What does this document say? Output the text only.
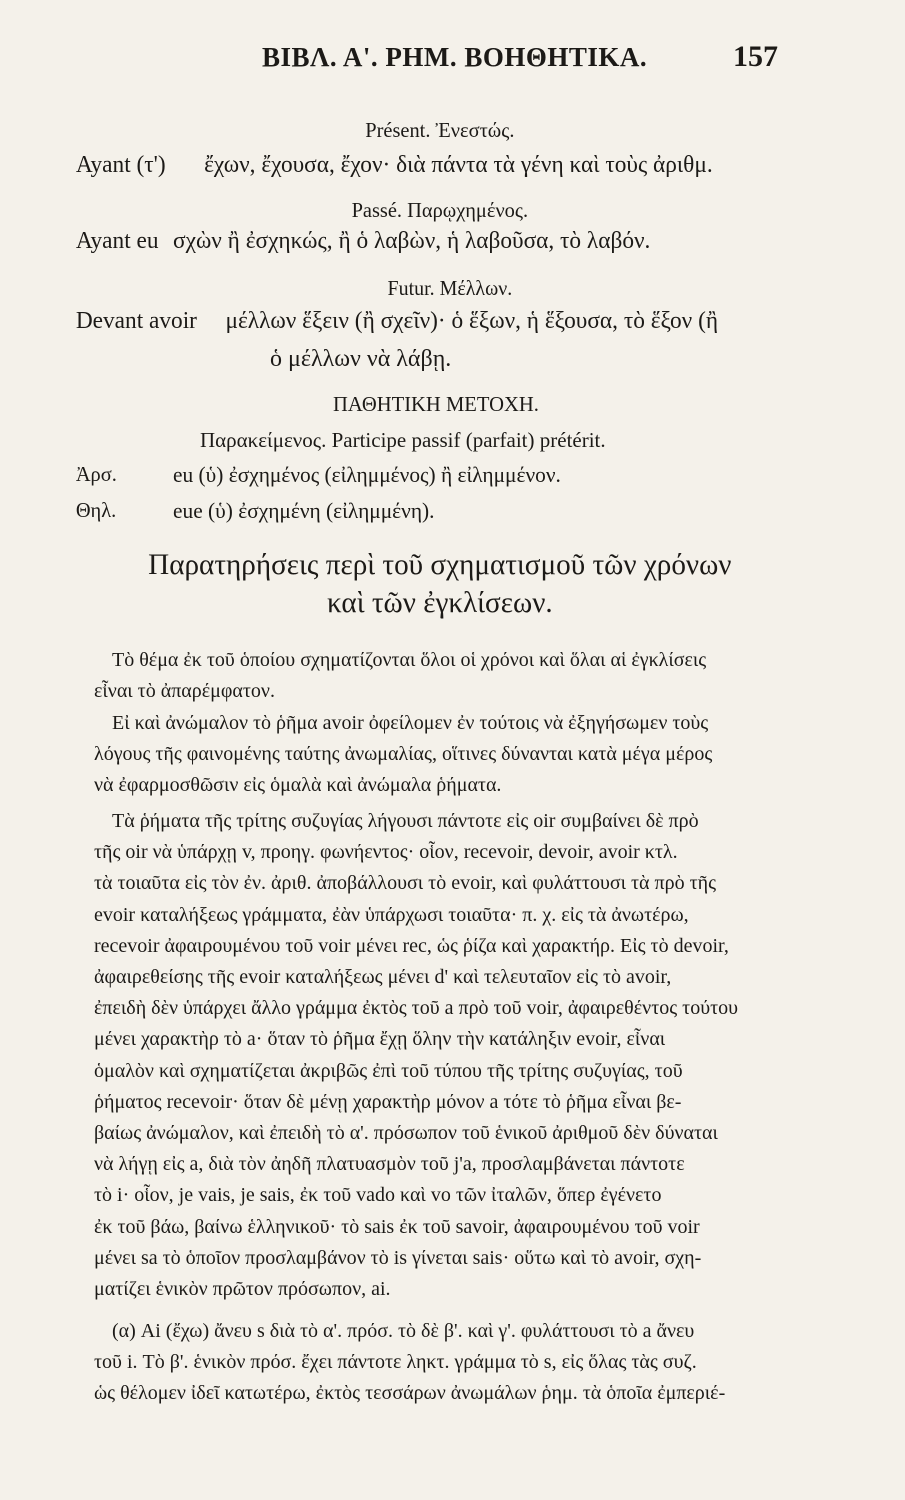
ΒΙΒΛ. Α'. ΡΗΜ. ΒΟΗΘΗΤΙΚΑ.	157
Présent. Ἐνεστώς.
Ayant (τ') ἔχων, ἔχουσα, ἔχον· διὰ πάντα τὰ γένη καὶ τοὺς ἀριθμ.
Passé. Παρῳχημένος.
Ayant eu σχὼν ἢ ἐσχηκώς, ἢ ὁ λαβὼν, ἡ λαβοῦσα, τὸ λαβόν.
Futur. Μέλλων.
Devant avoir μέλλων ἕξειν (ἢ σχεῖν)· ὁ ἕξων, ἡ ἕξουσα, τὸ ἕξον (ἢ
ὁ μέλλων νὰ λάβῃ.
ΠΑΘΗΤΙΚΗ ΜΕΤΟΧΗ.
Παρακείμενος. Participe passif (parfait) prétérit.
Ἀρσ.	eu (ὑ) ἐσχημένος (εἰλημμένος) ἢ εἰλημμένον.
Θηλ.	eue (ὑ) ἐσχημένη (εἰλημμένη).
Παρατηρήσεις περὶ τοῦ σχηματισμοῦ τῶν χρόνων
καὶ τῶν ἐγκλίσεων.
Τὸ θέμα ἐκ τοῦ ὁποίου σχηματίζονται ὅλοι οἱ χρόνοι καὶ ὅλαι αἱ ἐγκλίσεις
εἶναι τὸ ἀπαρέμφατον.
Εἰ καὶ ἀνώμαλον τὸ ῥῆμα avoir ὀφείλομεν ἐν τούτοις νὰ ἐξηγήσωμεν τοὺς
λόγους τῆς φαινομένης ταύτης ἀνωμαλίας, οἵτινες δύνανται κατὰ μέγα μέρος
νὰ ἐφαρμοσθῶσιν εἰς ὁμαλὰ καὶ ἀνώμαλα ῥήματα.
Τὰ ῥήματα τῆς τρίτης συζυγίας λήγουσι πάντοτε εἰς oir συμβαίνει δὲ πρὸ
τῆς oir νὰ ὑπάρχῃ v, προηγ. φωνήεντος· οἷον, recevoir, devoir, avoir κτλ.
τὰ τοιαῦτα εἰς τὸν ἐν. ἀριθ. ἀποβάλλουσι τὸ evoir, καὶ φυλάττουσι τὰ πρὸ τῆς
evoir καταλήξεως γράμματα, ἐὰν ὑπάρχωσι τοιαῦτα· π. χ. εἰς τὰ ἀνωτέρω,
recevoir ἀφαιρουμένου τοῦ voir μένει rec, ὡς ῥίζα καὶ χαρακτήρ. Εἰς τὸ devoir,
ἀφαιρεθείσης τῆς evoir καταλήξεως μένει d' καὶ τελευταῖον εἰς τὸ avoir,
ἐπειδὴ δὲν ὑπάρχει ἄλλο γράμμα ἐκτὸς τοῦ a πρὸ τοῦ voir, ἀφαιρεθέντος τούτου
μένει χαρακτὴρ τὸ a· ὅταν τὸ ῥῆμα ἔχῃ ὅλην τὴν κατάληξιν evoir, εἶναι
ὁμαλὸν καὶ σχηματίζεται ἀκριβῶς ἐπὶ τοῦ τύπου τῆς τρίτης συζυγίας, τοῦ
ῥήματος recevoir· ὅταν δὲ μένῃ χαρακτὴρ μόνον a τότε τὸ ῥῆμα εἶναι βε-
βαίως ἀνώμαλον, καὶ ἐπειδὴ τὸ α'. πρόσωπον τοῦ ἑνικοῦ ἀριθμοῦ δὲν δύναται
νὰ λήγῃ εἰς a, διὰ τὸν ἀηδῆ πλατυασμὸν τοῦ j'a, προσλαμβάνεται πάντοτε
τὸ i· οἷον, je vais, je sais, ἐκ τοῦ vado καὶ vo τῶν ἰταλῶν, ὅπερ ἐγένετο
ἐκ τοῦ βάω, βαίνω ἑλληνικοῦ· τὸ sais ἐκ τοῦ savoir, ἀφαιρουμένου τοῦ voir
μένει sa τὸ ὁποῖον προσλαμβάνον τὸ is γίνεται sais· οὕτω καὶ τὸ avoir, σχη-
ματίζει ἑνικὸν πρῶτον πρόσωπον, ai.
(α) Ai (ἔχω) ἄνευ s διὰ τὸ α'. πρόσ. τὸ δὲ β'. καὶ γ'. φυλάττουσι τὸ a ἄνευ
τοῦ i. Τὸ β'. ἑνικὸν πρόσ. ἔχει πάντοτε ληκτ. γράμμα τὸ s, εἰς ὅλας τὰς συζ.
ὡς θέλομεν ἰδεῖ κατωτέρω, ἐκτὸς τεσσάρων ἀνωμάλων ῥημ. τὰ ὁποῖα ἐμπεριέ-
